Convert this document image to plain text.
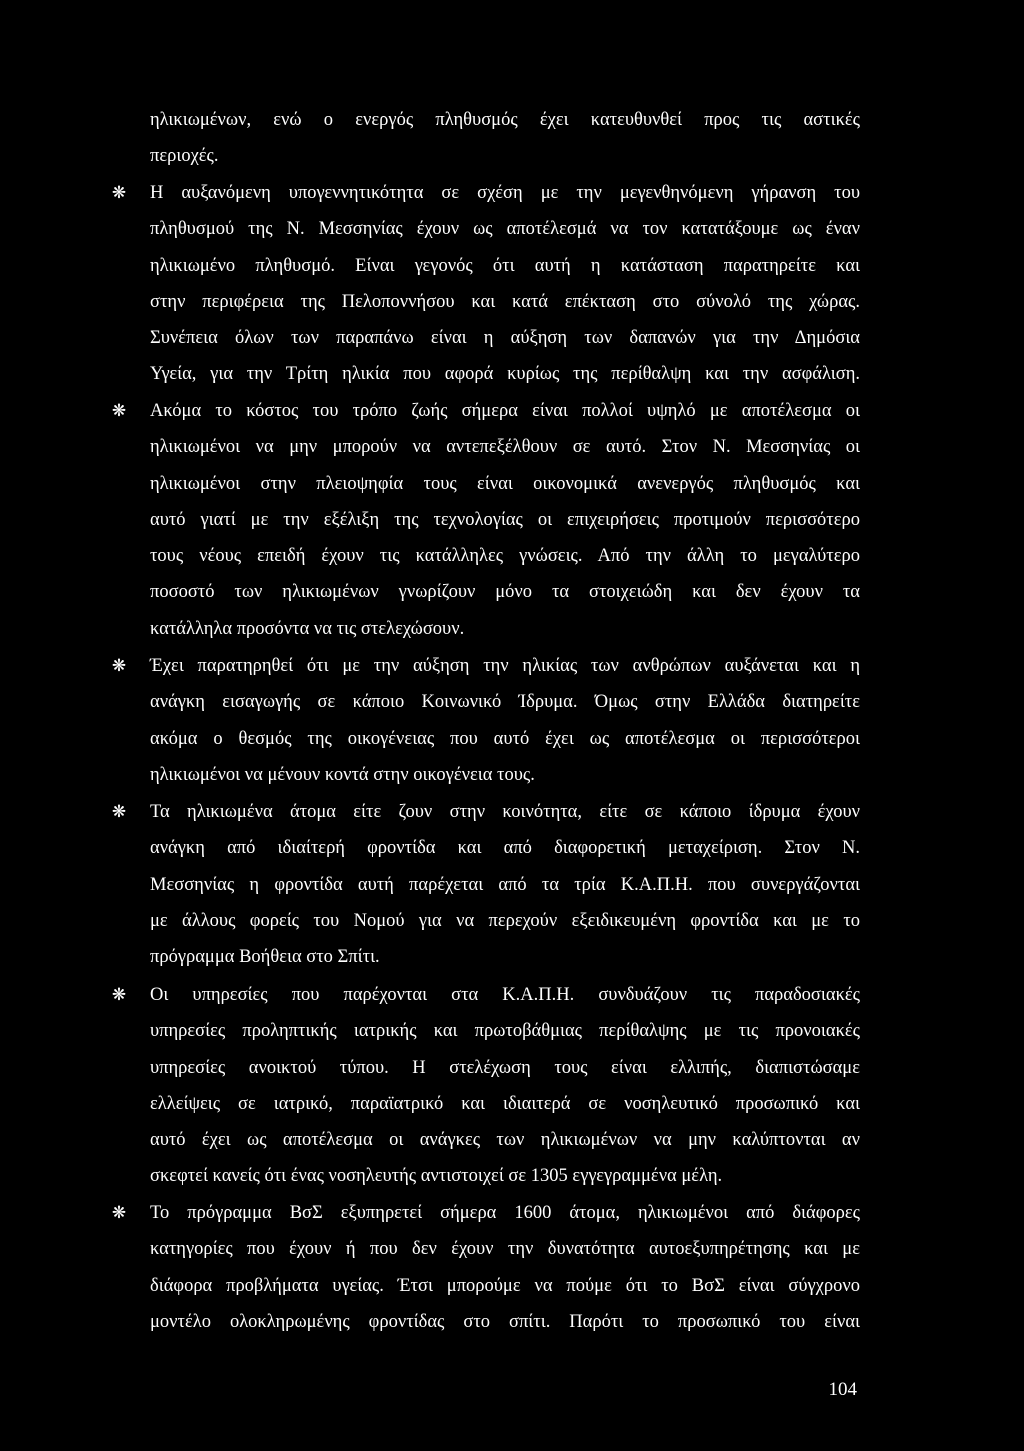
ηλικιωμένων, ενώ ο ενεργός πληθυσμός έχει κατευθυνθεί προς τις αστικές
περιοχές.
❋ Η αυξανόμενη υπογεννητικότητα σε σχέση με την μεγενθηνόμενη γήρανση του
πληθυσμού της Ν. Μεσσηνίας έχουν ως αποτέλεσμά να τον κατατάξουμε ως έναν
ηλικιωμένο πληθυσμό. Είναι γεγονός ότι αυτή η κατάσταση παρατηρείτε και
στην περιφέρεια της Πελοποννήσου και κατά επέκταση στο σύνολό της χώρας.
Συνέπεια όλων των παραπάνω είναι η αύξηση των δαπανών για την Δημόσια
Υγεία, για την Τρίτη ηλικία που αφορά κυρίως της περίθαλψη και την ασφάλιση.
❋ Ακόμα το κόστος του τρόπο ζωής σήμερα είναι πολλοί υψηλό με αποτέλεσμα οι
ηλικιωμένοι να μην μπορούν να αντεπεξέλθουν σε αυτό. Στον Ν. Μεσσηνίας οι
ηλικιωμένοι στην πλειοψηφία τους είναι οικονομικά ανενεργός πληθυσμός και
αυτό γιατί με την εξέλιξη της τεχνολογίας οι επιχειρήσεις προτιμούν περισσότερο
τους νέους επειδή έχουν τις κατάλληλες γνώσεις. Από την άλλη το μεγαλύτερο
ποσοστό των ηλικιωμένων γνωρίζουν μόνο τα στοιχειώδη και δεν έχουν τα
κατάλληλα προσόντα να τις στελεχώσουν.
❋ Έχει παρατηρηθεί ότι με την αύξηση την ηλικίας των ανθρώπων αυξάνεται και η
ανάγκη εισαγωγής σε κάποιο Κοινωνικό Ίδρυμα. Όμως στην Ελλάδα διατηρείτε
ακόμα ο θεσμός της οικογένειας που αυτό έχει ως αποτέλεσμα οι περισσότεροι
ηλικιωμένοι να μένουν κοντά στην οικογένεια τους.
❋ Τα ηλικιωμένα άτομα είτε ζουν στην κοινότητα, είτε σε κάποιο ίδρυμα έχουν
ανάγκη από ιδιαίτερή φροντίδα και από διαφορετική μεταχείριση. Στον Ν.
Μεσσηνίας η φροντίδα αυτή παρέχεται από τα τρία Κ.Α.Π.Η. που συνεργάζονται
με άλλους φορείς του Νομού για να περεχούν εξειδικευμένη φροντίδα και με το
πρόγραμμα Βοήθεια στο Σπίτι.
❋ Οι υπηρεσίες που παρέχονται στα Κ.Α.Π.Η. συνδυάζουν τις παραδοσιακές
υπηρεσίες προληπτικής ιατρικής και πρωτοβάθμιας περίθαλψης με τις προνοιακές
υπηρεσίες ανοικτού τύπου. Η στελέχωση τους είναι ελλιπής, διαπιστώσαμε
ελλείψεις σε ιατρικό, παραϊατρικό και ιδιαιτερά σε νοσηλευτικό προσωπικό και
αυτό έχει ως αποτέλεσμα οι ανάγκες των ηλικιωμένων να μην καλύπτονται αν
σκεφτεί κανείς ότι ένας νοσηλευτής αντιστοιχεί σε 1305 εγγεγραμμένα μέλη.
❋ Το πρόγραμμα ΒσΣ εξυπηρετεί σήμερα 1600 άτομα, ηλικιωμένοι από διάφορες
κατηγορίες που έχουν ή που δεν έχουν την δυνατότητα αυτοεξυπηρέτησης και με
διάφορα προβλήματα υγείας. Έτσι μπορούμε να πούμε ότι το ΒσΣ είναι σύγχρονο
μοντέλο ολοκληρωμένης φροντίδας στο σπίτι. Παρότι το προσωπικό του είναι
104
